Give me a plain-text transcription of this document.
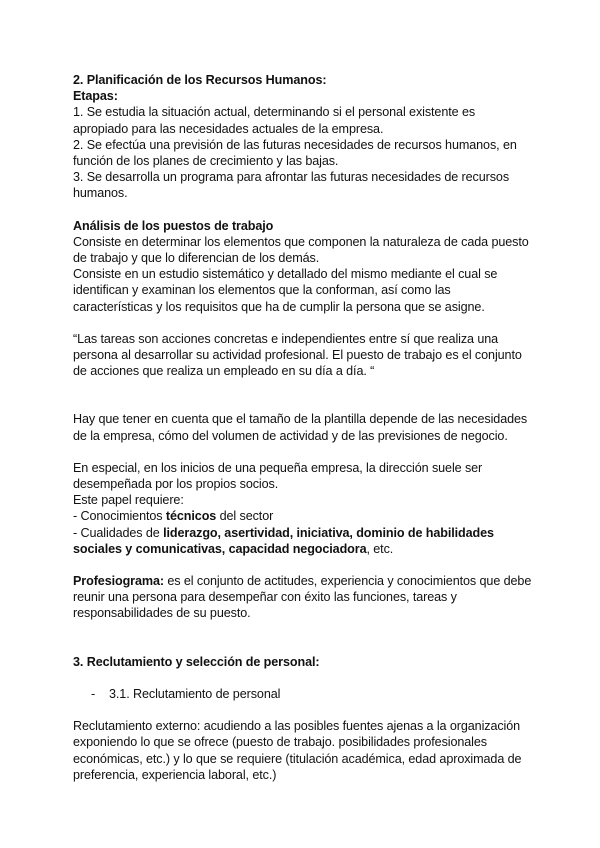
2. Planificación de los Recursos Humanos:

Etapas:

1. Se estudia la situación actual, determinando si el personal existente es apropiado para las necesidades actuales de la empresa.

2. Se efectúa una previsión de las futuras necesidades de recursos humanos, en función de los planes de crecimiento y las bajas.

3. Se desarrolla un programa para afrontar las futuras necesidades de recursos humanos.

Análisis de los puestos de trabajo

Consiste en determinar los elementos que componen la naturaleza de cada puesto de trabajo y que lo diferencian de los demás.

Consiste en un estudio sistemático y detallado del mismo mediante el cual se identifican y examinan los elementos que la conforman, así como las características y los requisitos que ha de cumplir la persona que se asigne.

“Las tareas son acciones concretas e independientes entre sí que realiza una persona al desarrollar su actividad profesional. El puesto de trabajo es el conjunto de acciones que realiza un empleado en su día a día. “

Hay que tener en cuenta que el tamaño de la plantilla depende de las necesidades de la empresa, cómo del volumen de actividad y de las previsiones de negocio.

En especial, en los inicios de una pequeña empresa, la dirección suele ser desempeñada por los propios socios.

Este papel requiere:

- Conocimientos técnicos del sector

- Cualidades de liderazgo, asertividad, iniciativa, dominio de habilidades sociales y comunicativas, capacidad negociadora, etc.

Profesiograma: es el conjunto de actitudes, experiencia y conocimientos que debe reunir una persona para desempeñar con éxito las funciones, tareas y responsabilidades de su puesto.

3. Reclutamiento y selección de personal:

- 3.1. Reclutamiento de personal

Reclutamiento externo: acudiendo a las posibles fuentes ajenas a la organización exponiendo lo que se ofrece (puesto de trabajo. posibilidades profesionales económicas, etc.) y lo que se requiere (titulación académica, edad aproximada de preferencia, experiencia laboral, etc.)
